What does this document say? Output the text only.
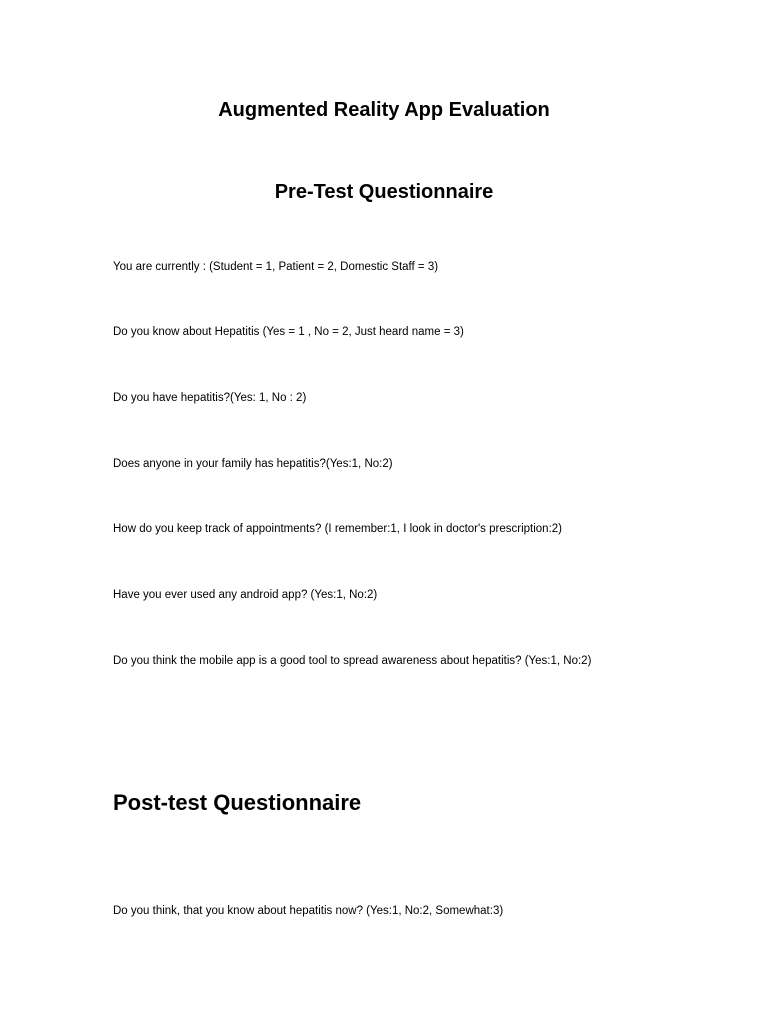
Augmented Reality App Evaluation
Pre-Test Questionnaire

You are currently : (Student = 1, Patient = 2, Domestic Staff = 3)

Do you know about Hepatitis (Yes = 1 , No = 2, Just heard name = 3)

Do you have hepatitis?(Yes: 1, No : 2)

Does anyone in your family has hepatitis?(Yes:1, No:2)

How do you keep track of appointments? (I remember:1, I look in doctor's prescription:2)

Have you ever used any android app? (Yes:1, No:2)

Do you think the mobile app is a good tool to spread awareness about hepatitis? (Yes:1, No:2)

Post-test Questionnaire

Do you think, that you know about hepatitis now? (Yes:1, No:2, Somewhat:3)
